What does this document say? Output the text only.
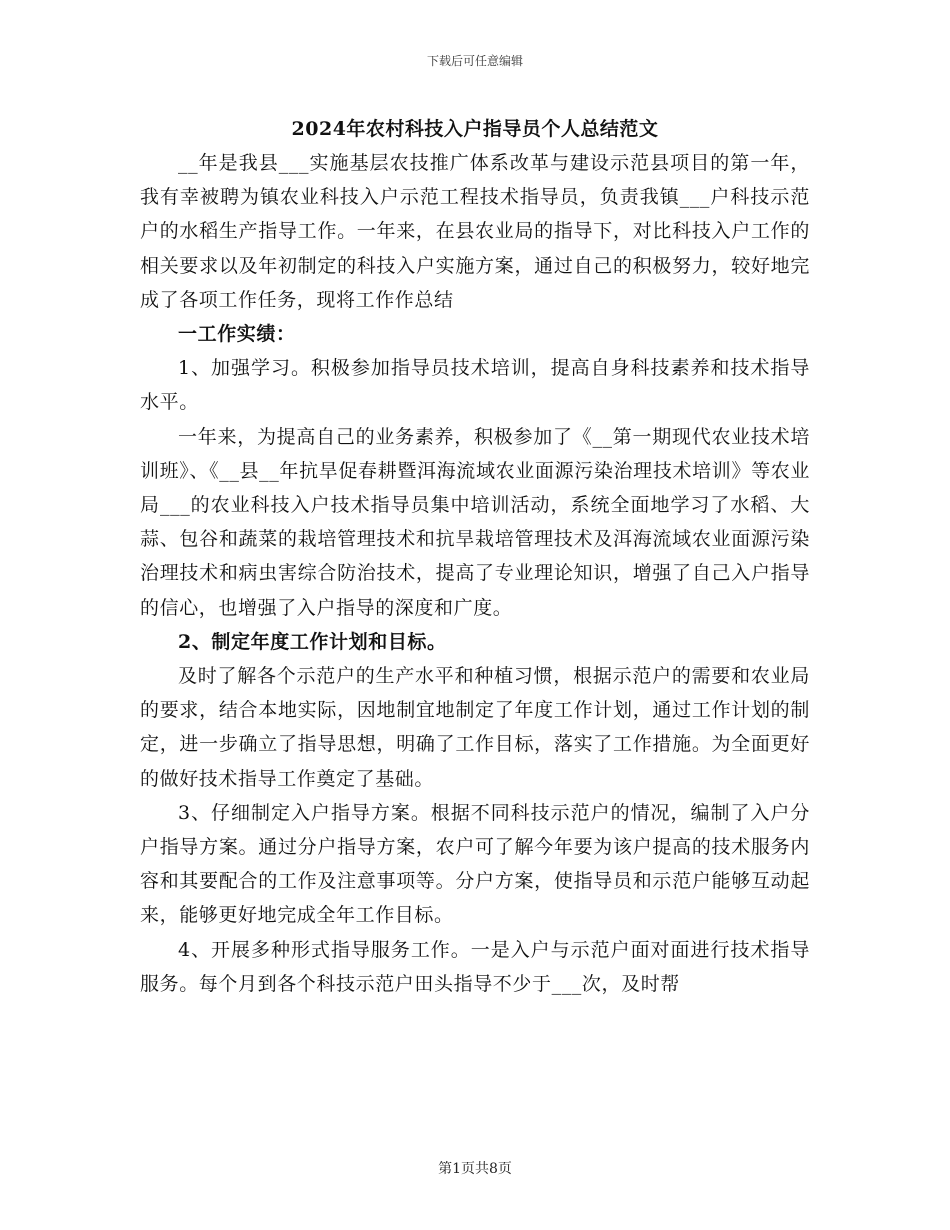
下载后可任意编辑
2024年农村科技入户指导员个人总结范文

__年是我县___实施基层农技推广体系改革与建设示范县项目的第一年，我有幸被聘为镇农业科技入户示范工程技术指导员，负责我镇___户科技示范户的水稻生产指导工作。一年来，在县农业局的指导下，对比科技入户工作的相关要求以及年初制定的科技入户实施方案，通过自己的积极努力，较好地完成了各项工作任务，现将工作作总结

一工作实绩：

1、加强学习。积极参加指导员技术培训，提高自身科技素养和技术指导水平。

一年来，为提高自己的业务素养，积极参加了《__第一期现代农业技术培训班》、《__县__年抗旱促春耕暨洱海流域农业面源污染治理技术培训》等农业局___的农业科技入户技术指导员集中培训活动，系统全面地学习了水稻、大蒜、包谷和蔬菜的栽培管理技术和抗旱栽培管理技术及洱海流域农业面源污染治理技术和病虫害综合防治技术，提高了专业理论知识，增强了自己入户指导的信心，也增强了入户指导的深度和广度。

2、制定年度工作计划和目标。

及时了解各个示范户的生产水平和种植习惯，根据示范户的需要和农业局的要求，结合本地实际，因地制宜地制定了年度工作计划，通过工作计划的制定，进一步确立了指导思想，明确了工作目标，落实了工作措施。为全面更好的做好技术指导工作奠定了基础。

3、仔细制定入户指导方案。根据不同科技示范户的情况，编制了入户分户指导方案。通过分户指导方案，农户可了解今年要为该户提高的技术服务内容和其要配合的工作及注意事项等。分户方案，使指导员和示范户能够互动起来，能够更好地完成全年工作目标。

4、开展多种形式指导服务工作。一是入户与示范户面对面进行技术指导服务。每个月到各个科技示范户田头指导不少于___次，及时帮

第1页共8页
